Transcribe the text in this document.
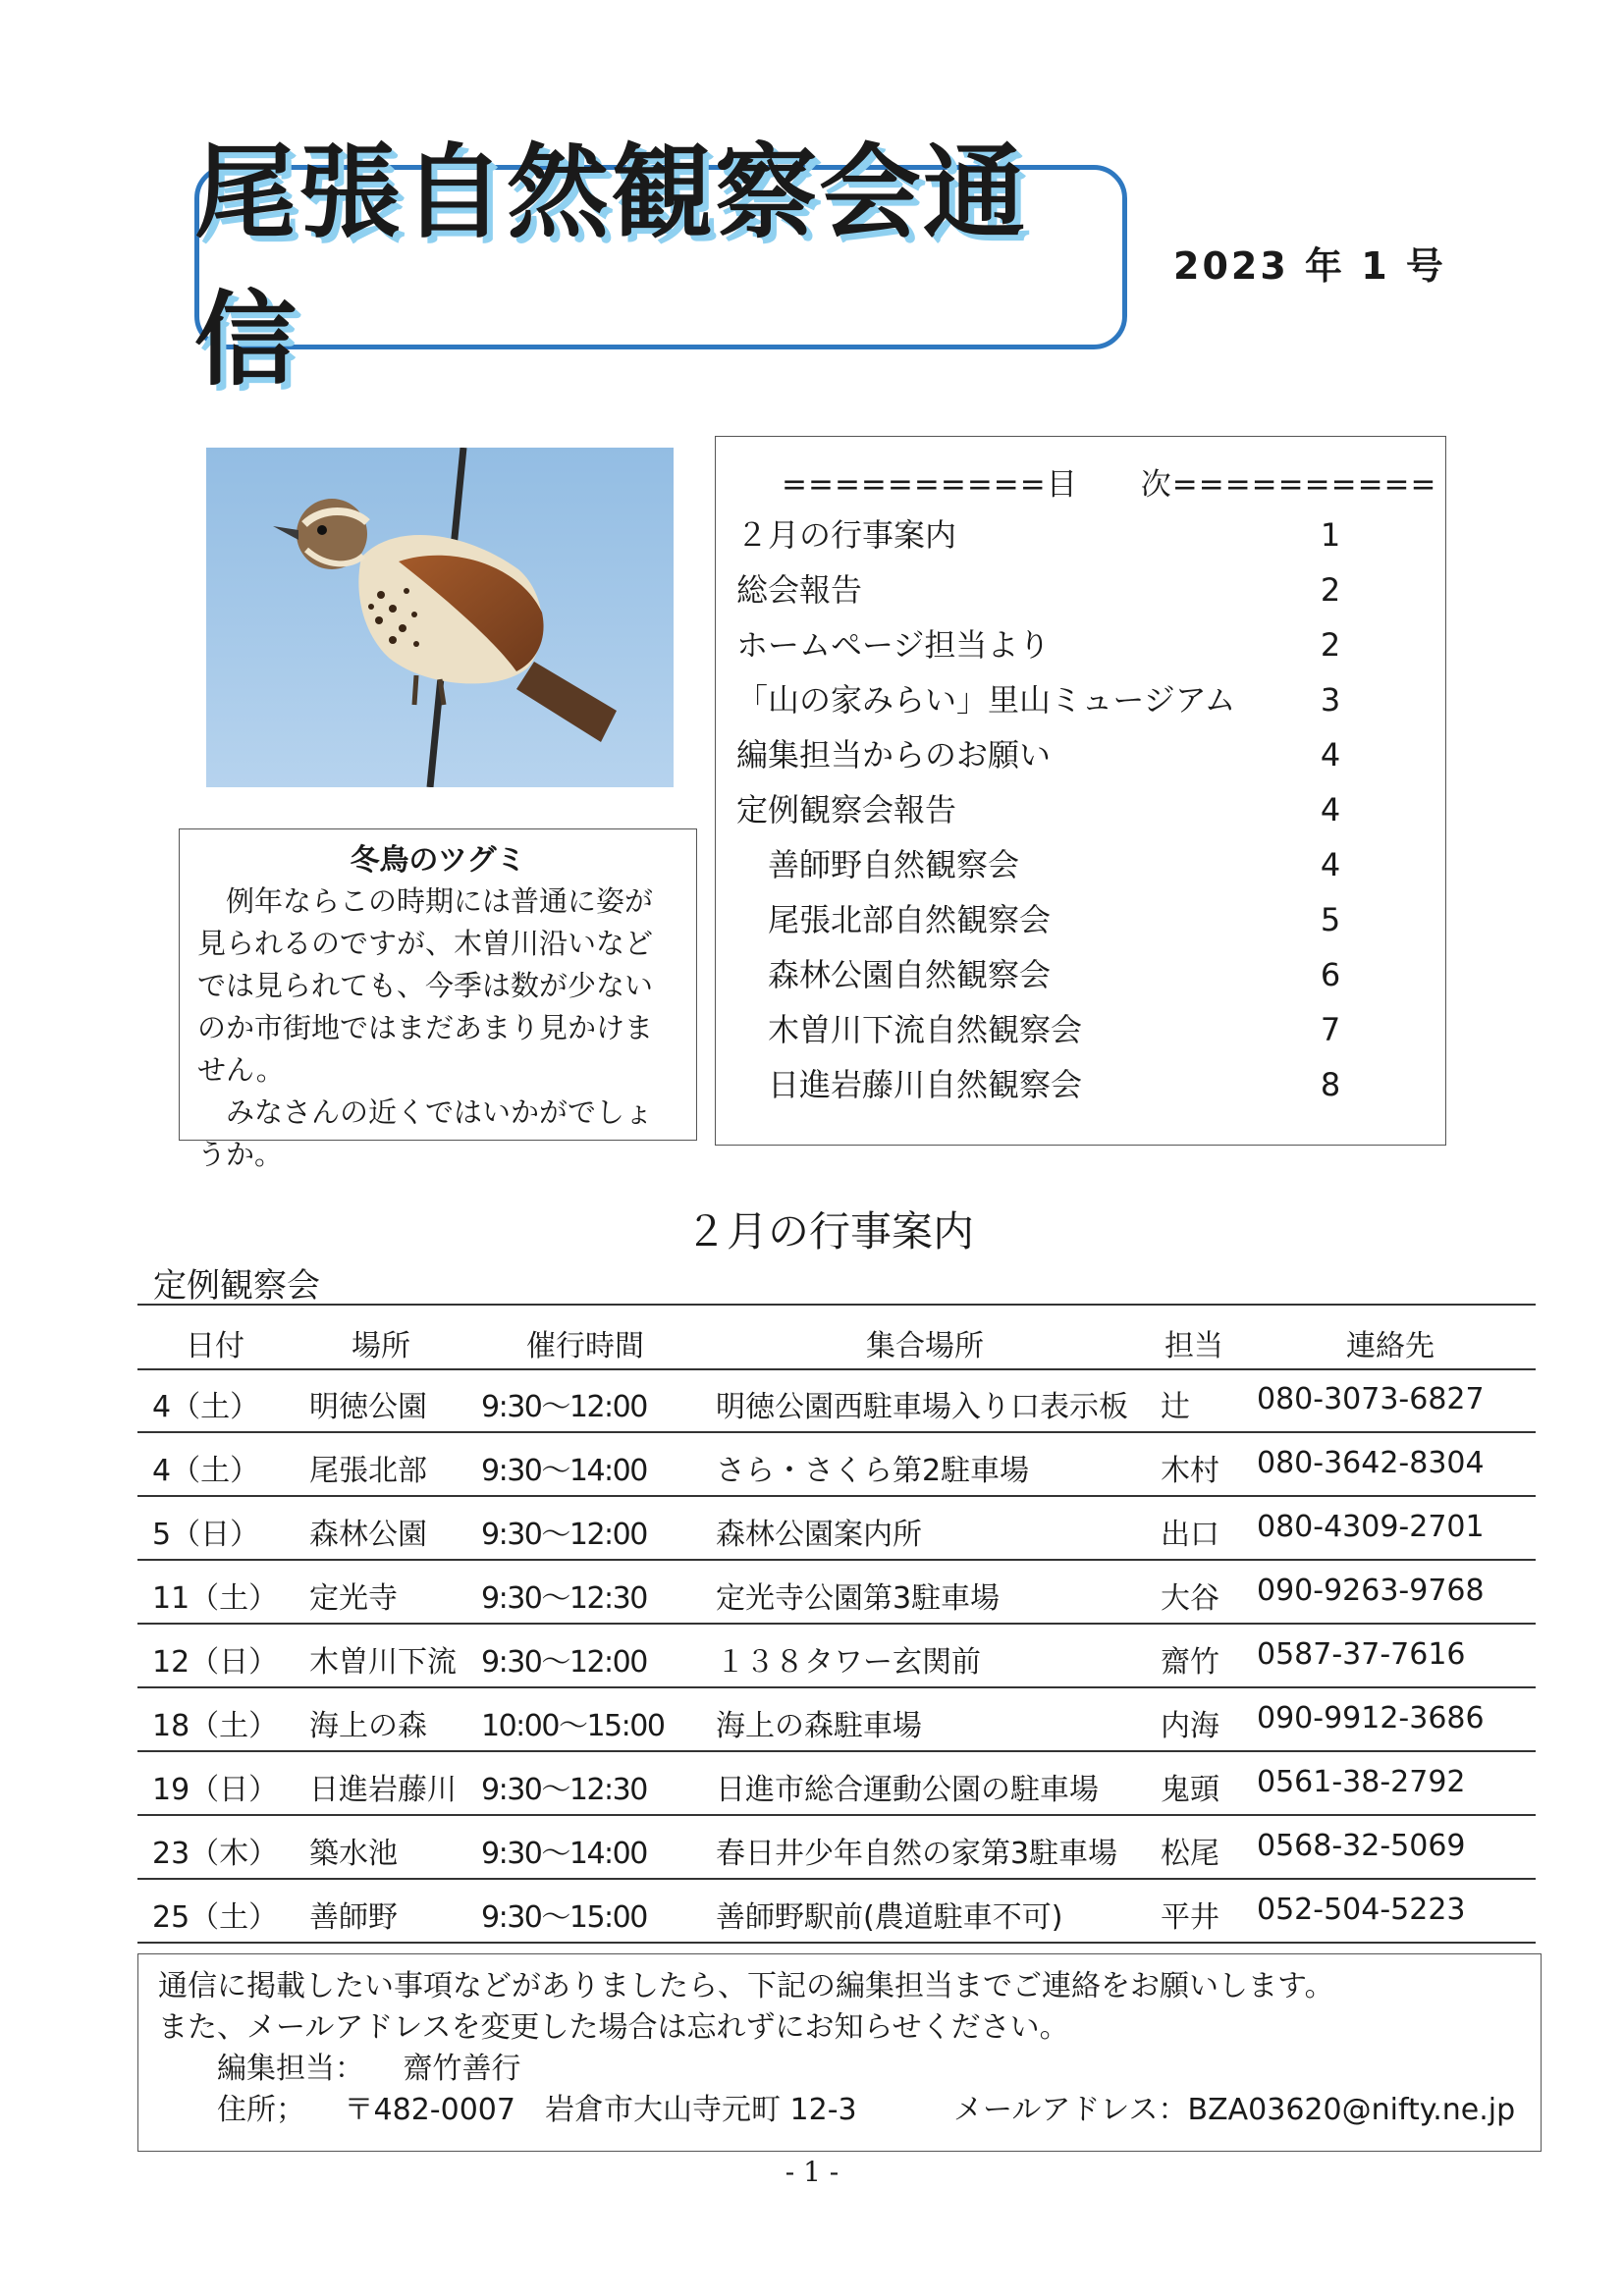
尾張自然観察会通信
2023 年 1 号
冬鳥のツグミ

例年ならこの時期には普通に姿が見られるのですが、木曽川沿いなどでは見られても、今季は数が少ないのか市街地ではまだあまり見かけません。

みなさんの近くではいかがでしょうか。

==========目　　次==========
２月の行事案内	1
総会報告	2
ホームページ担当より	2
「山の家みらい」里山ミュージアム	3
編集担当からのお願い	4
定例観察会報告	4
善師野自然観察会	4
尾張北部自然観察会	5
森林公園自然観察会	6
木曽川下流自然観察会	7
日進岩藤川自然観察会	8
２月の行事案内
定例観察会
日付	場所	催行時間	集合場所	担当	連絡先
4（土） 明徳公園 9:30～12:00 明徳公園西駐車場入り口表示板 辻 080-3073-6827
4（土） 尾張北部 9:30～14:00 さら・さくら第2駐車場	木村 080-3642-8304
5（日） 森林公園 9:30～12:00 森林公園案内所	出口 080-4309-2701
11（土） 定光寺	9:30～12:30 定光寺公園第3駐車場	大谷 090-9263-9768
12（日） 木曽川下流 9:30～12:00 １３８タワー玄関前	齋竹 0587-37-7616
18（土） 海上の森 10:00～15:00 海上の森駐車場	内海 090-9912-3686
19（日） 日進岩藤川 9:30～12:30 日進市総合運動公園の駐車場 鬼頭 0561-38-2792
23（木） 築水池	9:30～14:00 春日井少年自然の家第3駐車場 松尾 0568-32-5069
25（土） 善師野	9:30～15:00 善師野駅前(農道駐車不可)	平井 052-504-5223
通信に掲載したい事項などがありましたら、下記の編集担当までご連絡をお願いします。
また、メールアドレスを変更した場合は忘れずにお知らせください。
編集担当： 齋竹善行
住所； 〒482-0007　岩倉市大山寺元町 12-3	メールアドレス：BZA03620@nifty.ne.jp
- 1 -
